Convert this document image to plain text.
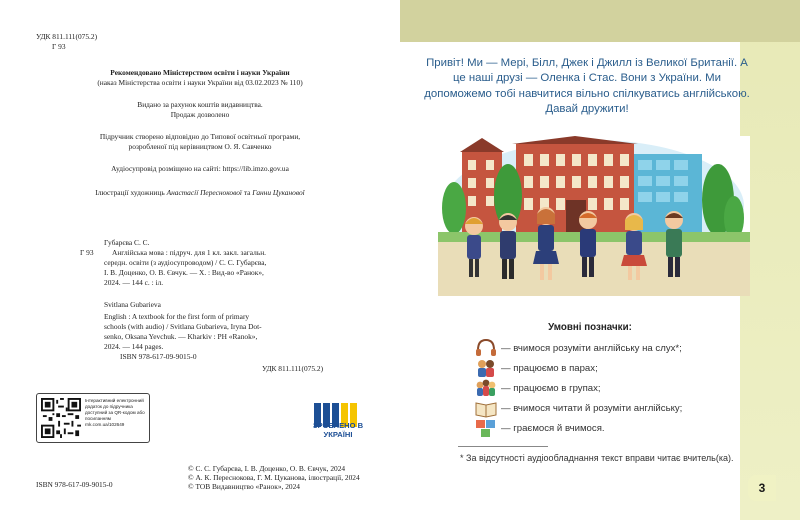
УДК 811.111(075.2)
Г 93
Рекомендовано Міністерством освіти і науки України
(наказ Міністерства освіти і науки України від 03.02.2023 № 110)
Видано за рахунок коштів видавництва.
Продаж дозволено
Підручник створено відповідно до Типової освітньої програми,
розробленої під керівництвом О. Я. Савченко
Аудіосупровід розміщено на сайті: https://lib.imzo.gov.ua
Ілюстрації художниць Анастасії Переснокової та Ганни Цуканової
Губарєва С. С.
Г 93 Англійська мова : підруч. для 1 кл. закл. загальн.
середн. освіти (з аудіосупроводом) / С. С. Губарєва,
І. В. Доценко, О. В. Євчук. — Х. : Вид-во «Ранок»,
2024. — 144 с. : іл.
Svitlana Gubarieva
English : A textbook for the first form of primary
schools (with audio) / Svitlana Gubarieva, Iryna Dot-
senko, Oksana Yevchuk. — Kharkiv : PH «Ranok»,
2024. — 144 pages.
ISBN 978-617-09-9015-0
УДК 811.111(075.2)
Інтерактивний електронний додаток до підручника доступний за QR-кодом або посиланням rnk.com.ua/102649	ЗРОБЛЕНО В УКРАЇНІ
ISBN 978-617-09-9015-0
© С. С. Губарєва, І. В. Доценко, О. В. Євчук, 2024
© А. К. Переснокова, Г. М. Цуканова, ілюстрації, 2024
© ТОВ Видавництво «Ранок», 2024
Привіт! Ми — Мері, Білл, Джек і Джилл із Великої Британії. А це наші друзі — Оленка і Стас. Вони з України. Ми допоможемо тобі навчитися вільно спілкуватись англійською. Давай дружити!
Умовні позначки:
— вчимося розуміти англійську на слух*;
— працюємо в парах;
— працюємо в групах;
— вчимося читати й розуміти англійську;
— граємося й вчимося.
* За відсутності аудіообладнання текст вправи читає вчитель(ка).
3
